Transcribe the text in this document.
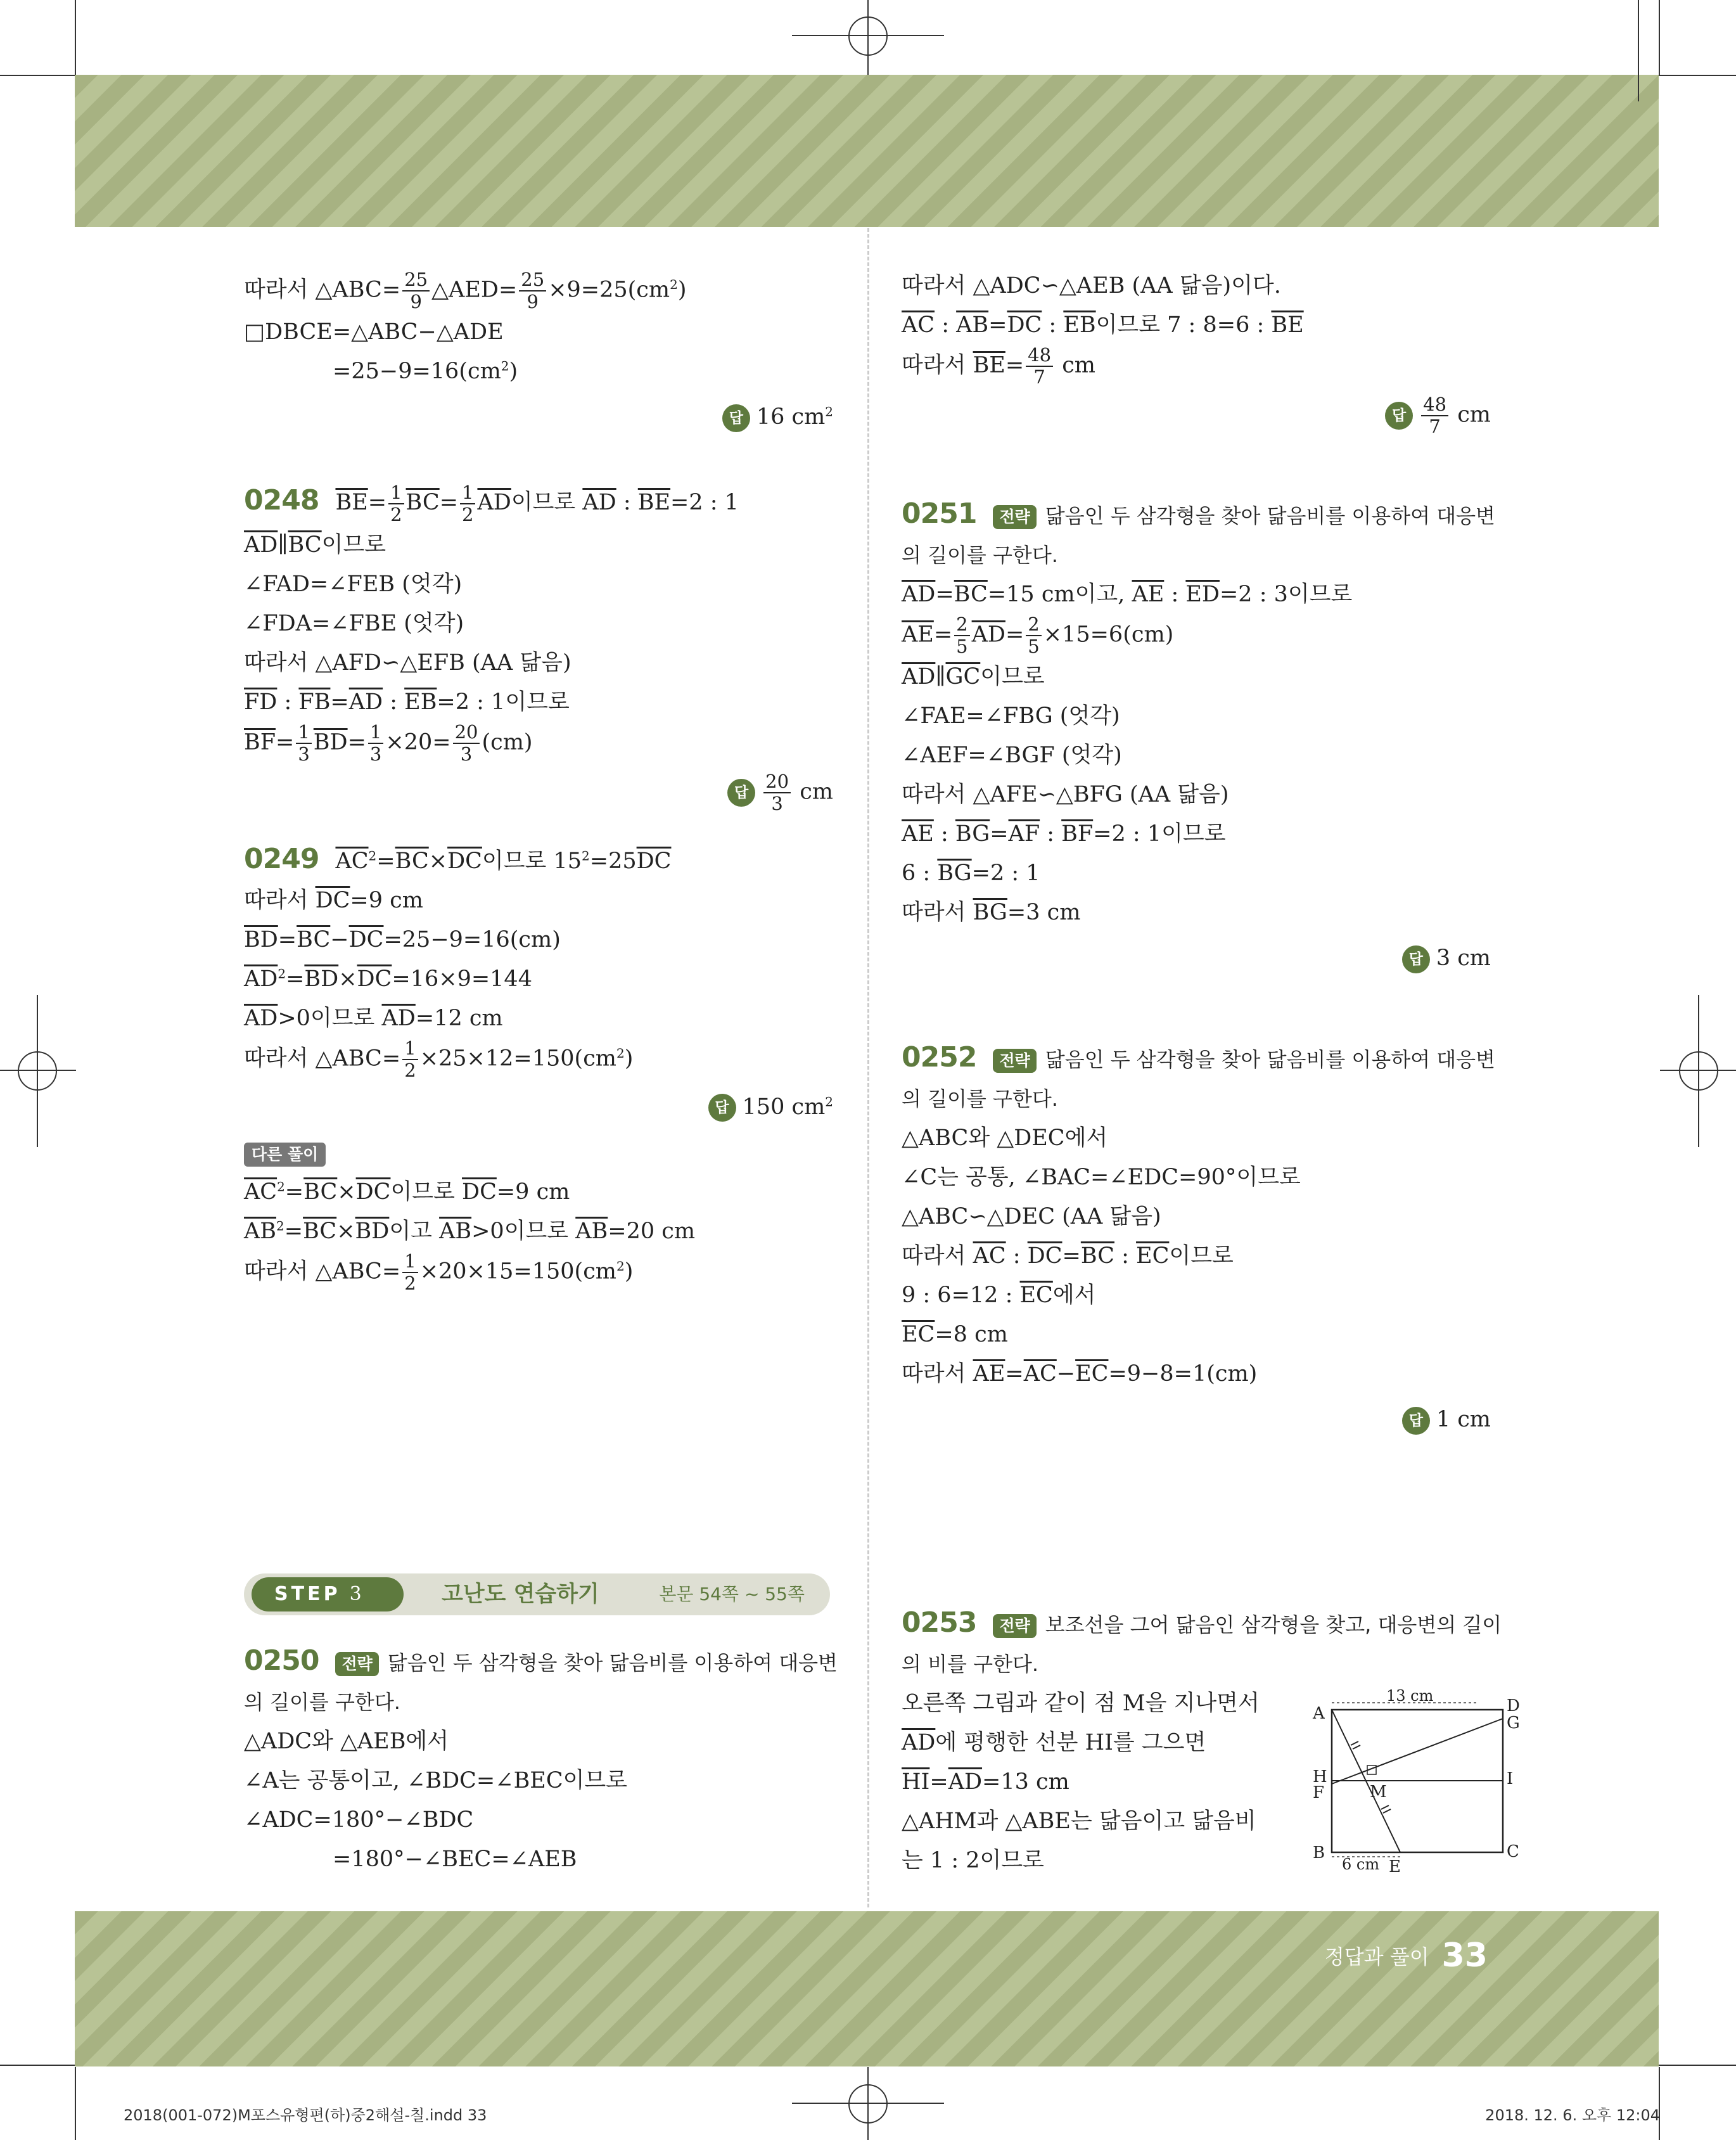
따라서 △ABC= $\frac{25}{9}$ △AED= $\frac{25}{9} \times 9=25(cm^2)$
□DBCE=△ABC−△ADE
$=25-9=16(cm^2)$
답 16 $cm^2$
0248 $\overline{BE}= \frac{1}{2} \overline{BC}= \frac{1}{2} \overline{AD}$이므로 $\overline{AD}$ : $\overline{BE}=2$ : 1
$\overline{AD}\parallel\overline{BC}$이므로
∠FAD=∠FEB (엇각)
∠FDA=∠FBE (엇각)
따라서 △AFD∽△EFB (AA 닮음)
$\overline{FD}$ : $\overline{FB}=\overline{AD}$ : $\overline{EB}=2$ : 1이므로
$\overline{BF}= \frac{1}{3} \overline{BD}= \frac{1}{3} \times 20= \frac{20}{3} (cm)$
답 $\frac{20}{3}$ cm
0249 $\overline{AC}^2=\overline{BC}\times\overline{DC}$이므로 $15^2=25\overline{DC}$
따라서 $\overline{DC}=9$ cm
$\overline{BD}=\overline{BC}-\overline{DC}=25-9=16(cm)$
$\overline{AD}^2=\overline{BD}\times\overline{DC}=16\times 9=144$
$\overline{AD}>0$이므로 $\overline{AD}=12$ cm
따라서 △ABC= $\frac{1}{2} \times 25\times 12=150(cm^2)$
답 150 $cm^2$
다른 풀이
$\overline{AC}^2=\overline{BC}\times\overline{DC}$이므로 $\overline{DC}=9$ cm
$\overline{AB}^2=\overline{BC}\times\overline{BD}$이고 $\overline{AB}>0$이므로 $\overline{AB}=20$ cm
따라서 △ABC= $\frac{1}{2} \times 20\times 15=150(cm^2)$
STEP 3	고난도 연습하기	본문 54쪽 ~ 55쪽
0250 전략 닮음인 두 삼각형을 찾아 닮음비를 이용하여 대응변
의 길이를 구한다.
△ADC와 △AEB에서
∠A는 공통이고, ∠BDC=∠BEC이므로
∠ADC=180°−∠BDC
=180°−∠BEC=∠AEB
따라서 △ADC∽△AEB (AA 닮음)이다.
$\overline{AC}$ : $\overline{AB}=\overline{DC}$ : $\overline{EB}$이므로 7 : 8=6 : $\overline{BE}$
따라서 $\overline{BE}= \frac{48}{7}$ cm
답 $\frac{48}{7}$ cm
0251 전략 닮음인 두 삼각형을 찾아 닮음비를 이용하여 대응변
의 길이를 구한다.
$\overline{AD}=\overline{BC}=15$ cm이고, $\overline{AE}$ : $\overline{ED}=2$ : 3이므로
$\overline{AE}= \frac{2}{5} \overline{AD}= \frac{2}{5} \times 15=6(cm)$
$\overline{AD}\parallel\overline{GC}$이므로
∠FAE=∠FBG (엇각)
∠AEF=∠BGF (엇각)
따라서 △AFE∽△BFG (AA 닮음)
$\overline{AE}$ : $\overline{BG}=\overline{AF}$ : $\overline{BF}=2$ : 1이므로
6 : $\overline{BG}=2$ : 1
따라서 $\overline{BG}=3$ cm
답 3 cm
0252 전략 닮음인 두 삼각형을 찾아 닮음비를 이용하여 대응변
의 길이를 구한다.
△ABC와 △DEC에서
∠C는 공통, ∠BAC=∠EDC=90°이므로
△ABC∽△DEC (AA 닮음)
따라서 $\overline{AC}$ : $\overline{DC}=\overline{BC}$ : $\overline{EC}$이므로
9 : 6=12 : $\overline{EC}$에서
$\overline{EC}=8$ cm
따라서 $\overline{AE}=\overline{AC}-\overline{EC}=9-8=1(cm)$
답 1 cm
0253 전략 보조선을 그어 닮음인 삼각형을 찾고, 대응변의 길이
의 비를 구한다.
오른쪽 그림과 같이 점 M을 지나면서
$\overline{AD}$에 평행한 선분 HI를 그으면
$\overline{HI}=\overline{AD}=13$ cm
△AHM과 △ABE는 닮음이고 닮음비
는 1 : 2이므로
13 cm
6 cm
A
B	C
D
E
F
G
H	I
M
정답과 풀이 33
2018(001-072)M포스유형편(하)중2해설-칠.indd 33	2018. 12. 6. 오후 12:04
